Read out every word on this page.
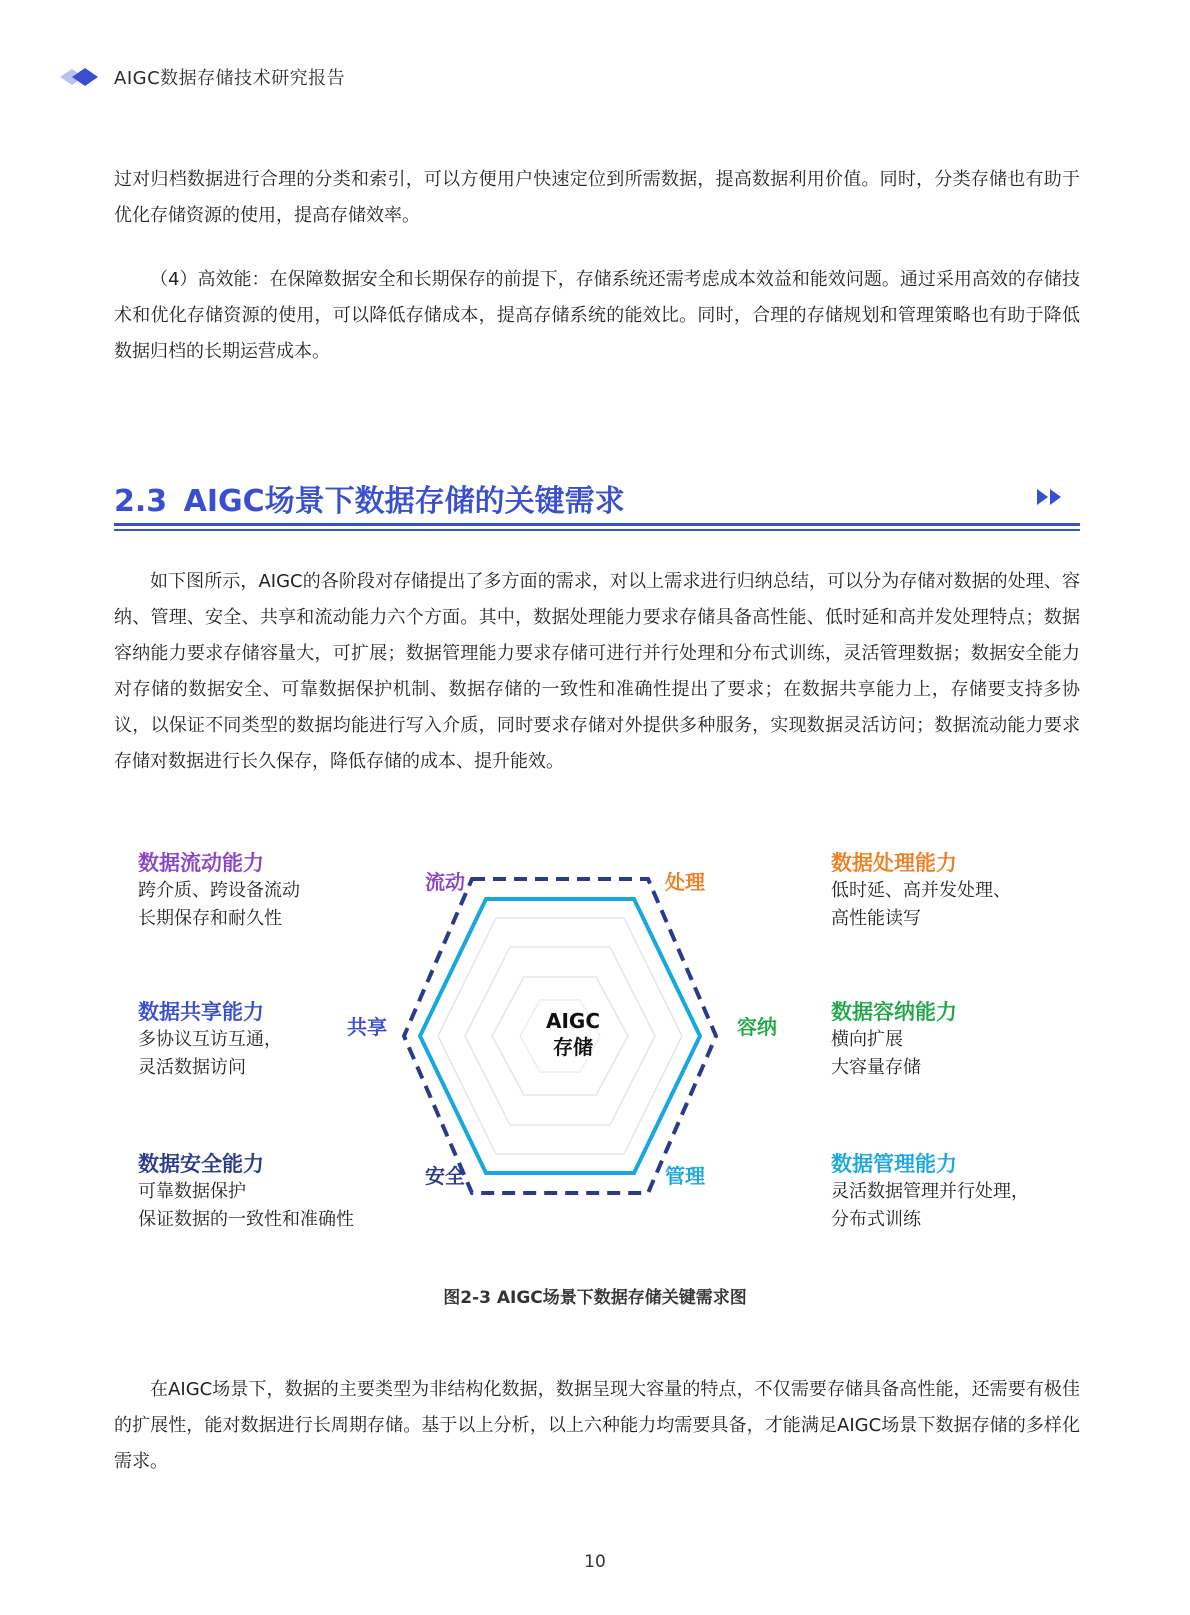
AIGC数据存储技术研究报告

过对归档数据进行合理的分类和索引，可以方便用户快速定位到所需数据，提高数据利用价值。同时，分类存储也有助于优化存储资源的使用，提高存储效率。

（4）高效能：在保障数据安全和长期保存的前提下，存储系统还需考虑成本效益和能效问题。通过采用高效的存储技术和优化存储资源的使用，可以降低存储成本，提高存储系统的能效比。同时，合理的存储规划和管理策略也有助于降低数据归档的长期运营成本。

2.3 AIGC场景下数据存储的关键需求

如下图所示，AIGC的各阶段对存储提出了多方面的需求，对以上需求进行归纳总结，可以分为存储对数据的处理、容纳、管理、安全、共享和流动能力六个方面。其中，数据处理能力要求存储具备高性能、低时延和高并发处理特点；数据容纳能力要求存储容量大，可扩展；数据管理能力要求存储可进行并行处理和分布式训练，灵活管理数据；数据安全能力对存储的数据安全、可靠数据保护机制、数据存储的一致性和准确性提出了要求；在数据共享能力上，存储要支持多协议，以保证不同类型的数据均能进行写入介质，同时要求存储对外提供多种服务，实现数据灵活访问；数据流动能力要求存储对数据进行长久保存，降低存储的成本、提升能效。

AIGC
存储
流动	处理
共享	容纳
安全	管理
数据流动能力
跨介质、跨设备流动
长期保存和耐久性
数据共享能力
多协议互访互通，
灵活数据访问
数据安全能力
可靠数据保护
保证数据的一致性和准确性
数据处理能力
低时延、高并发处理、
高性能读写
数据容纳能力
横向扩展
大容量存储
数据管理能力
灵活数据管理并行处理，
分布式训练
图2-3 AIGC场景下数据存储关键需求图

在AIGC场景下，数据的主要类型为非结构化数据，数据呈现大容量的特点，不仅需要存储具备高性能，还需要有极佳的扩展性，能对数据进行长周期存储。基于以上分析，以上六种能力均需要具备，才能满足AIGC场景下数据存储的多样化需求。

10
